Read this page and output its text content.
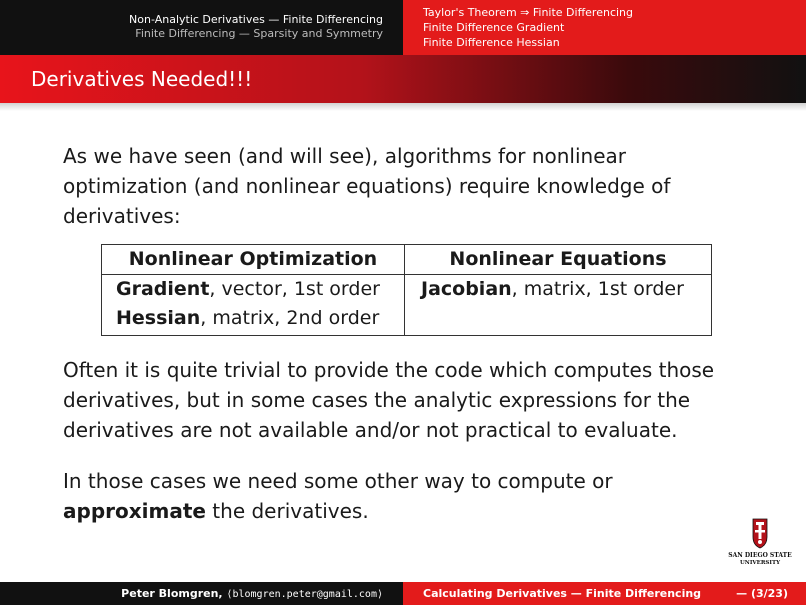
Non-Analytic Derivatives — Finite Differencing
Finite Differencing — Sparsity and Symmetry
Taylor's Theorem ⇒ Finite Differencing
Finite Difference Gradient
Finite Difference Hessian
Derivatives Needed!!!

As we have seen (and will see), algorithms for nonlinear optimization (and nonlinear equations) require knowledge of derivatives:

Nonlinear Optimization
Gradient, vector, 1st order
Hessian, matrix, 2nd order
Nonlinear Equations
Jacobian, matrix, 1st order

Often it is quite trivial to provide the code which computes those derivatives, but in some cases the analytic expressions for the derivatives are not available and/or not practical to evaluate.

In those cases we need some other way to compute or
approximate the derivatives.

SAN DIEGO STATE
UNIVERSITY
Peter Blomgren, ⟨blomgren.peter@gmail.com⟩	Calculating Derivatives — Finite Differencing	— (3/23)
